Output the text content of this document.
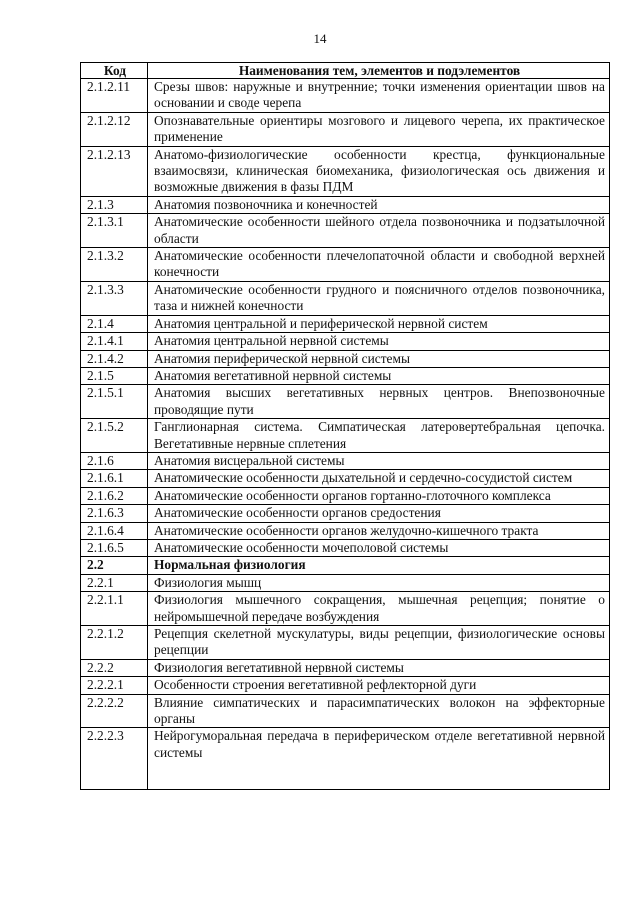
14
Код	Наименования тем, элементов и подэлементов
2.1.2.11	Срезы швов: наружные и внутренние; точки изменения ориентации швов на основании и своде черепа
2.1.2.12	Опознавательные ориентиры мозгового и лицевого черепа, их практическое применение
2.1.2.13	Анатомо-физиологические особенности крестца, функциональные взаимосвязи, клиническая биомеханика, физиологическая ось движения и возможные движения в фазы ПДМ
2.1.3	Анатомия позвоночника и конечностей
2.1.3.1	Анатомические особенности шейного отдела позвоночника и подзатылочной области
2.1.3.2	Анатомические особенности плечелопаточной области и свободной верхней конечности
2.1.3.3	Анатомические особенности грудного и поясничного отделов позвоночника, таза и нижней конечности
2.1.4	Анатомия центральной и периферической нервной систем
2.1.4.1	Анатомия центральной нервной системы
2.1.4.2	Анатомия периферической нервной системы
2.1.5	Анатомия вегетативной нервной системы
2.1.5.1	Анатомия высших вегетативных нервных центров. Внепозвоночные проводящие пути
2.1.5.2	Ганглионарная система. Симпатическая латеровертебральная цепочка. Вегетативные нервные сплетения
2.1.6	Анатомия висцеральной системы
2.1.6.1	Анатомические особенности дыхательной и сердечно-сосудистой систем
2.1.6.2	Анатомические особенности органов гортанно-глоточного комплекса
2.1.6.3	Анатомические особенности органов средостения
2.1.6.4	Анатомические особенности органов желудочно-кишечного тракта
2.1.6.5	Анатомические особенности мочеполовой системы
2.2	Нормальная физиология
2.2.1	Физиология мышц
2.2.1.1	Физиология мышечного сокращения, мышечная рецепция; понятие о нейромышечной передаче возбуждения
2.2.1.2	Рецепция скелетной мускулатуры, виды рецепции, физиологические основы рецепции
2.2.2	Физиология вегетативной нервной системы
2.2.2.1	Особенности строения вегетативной рефлекторной дуги
2.2.2.2	Влияние симпатических и парасимпатических волокон на эффекторные органы
2.2.2.3	Нейрогуморальная передача в периферическом отделе вегетативной нервной системы
